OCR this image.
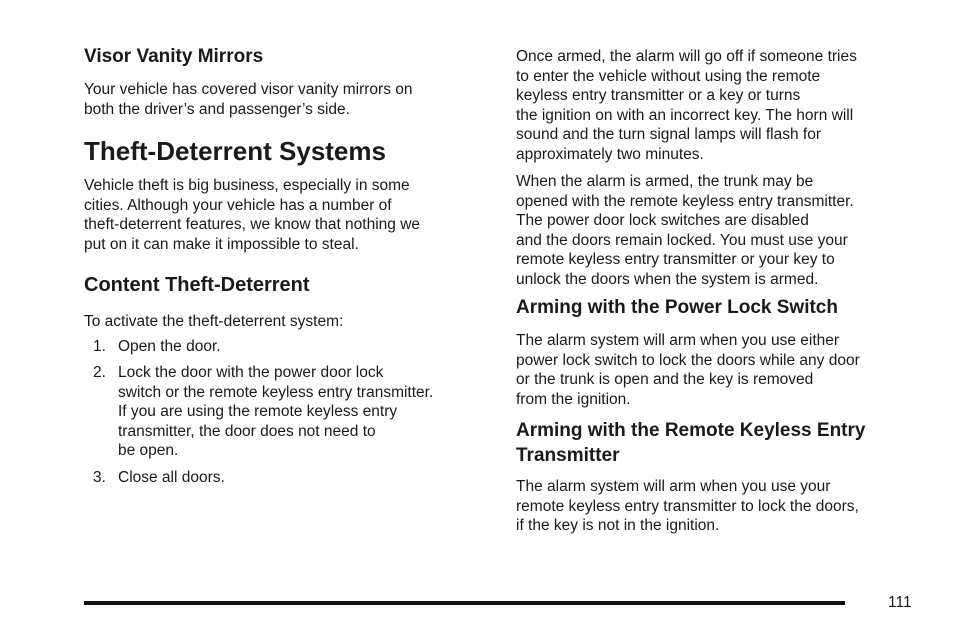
Visor Vanity Mirrors
Your vehicle has covered visor vanity mirrors on
both the driver’s and passenger’s side.
Theft-Deterrent Systems
Vehicle theft is big business, especially in some
cities. Although your vehicle has a number of
theft-deterrent features, we know that nothing we
put on it can make it impossible to steal.
Content Theft-Deterrent
To activate the theft-deterrent system:
1. Open the door.
2. Lock the door with the power door lock
switch or the remote keyless entry transmitter.
If you are using the remote keyless entry
transmitter, the door does not need to
be open.
3. Close all doors.
Once armed, the alarm will go off if someone tries
to enter the vehicle without using the remote
keyless entry transmitter or a key or turns
the ignition on with an incorrect key. The horn will
sound and the turn signal lamps will flash for
approximately two minutes.
When the alarm is armed, the trunk may be
opened with the remote keyless entry transmitter.
The power door lock switches are disabled
and the doors remain locked. You must use your
remote keyless entry transmitter or your key to
unlock the doors when the system is armed.
Arming with the Power Lock Switch
The alarm system will arm when you use either
power lock switch to lock the doors while any door
or the trunk is open and the key is removed
from the ignition.
Arming with the Remote Keyless Entry
Transmitter
The alarm system will arm when you use your
remote keyless entry transmitter to lock the doors,
if the key is not in the ignition.
111
